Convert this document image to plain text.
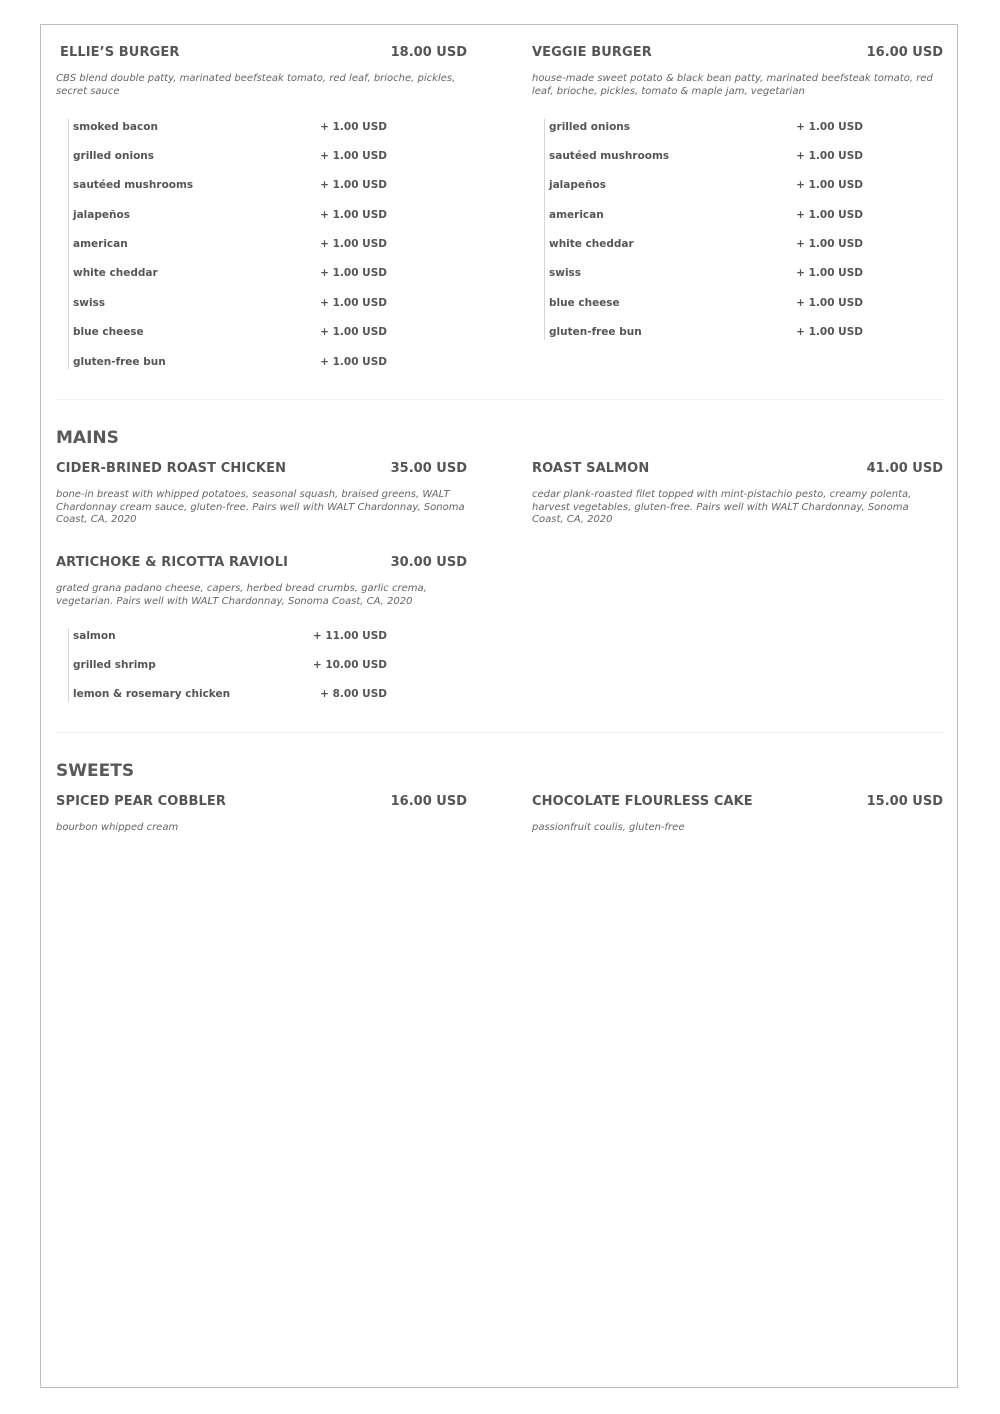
ELLIE’S BURGER	18.00 USD
CBS blend double patty, marinated beefsteak tomato, red leaf, brioche, pickles, secret sauce
smoked bacon	+ 1.00 USD
grilled onions	+ 1.00 USD
sautéed mushrooms	+ 1.00 USD
jalapeños	+ 1.00 USD
american	+ 1.00 USD
white cheddar	+ 1.00 USD
swiss	+ 1.00 USD
blue cheese	+ 1.00 USD
gluten-free bun	+ 1.00 USD
VEGGIE BURGER	16.00 USD
house-made sweet potato & black bean patty, marinated beefsteak tomato, red leaf, brioche, pickles, tomato & maple jam, vegetarian
grilled onions	+ 1.00 USD
sautéed mushrooms	+ 1.00 USD
jalapeños	+ 1.00 USD
american	+ 1.00 USD
white cheddar	+ 1.00 USD
swiss	+ 1.00 USD
blue cheese	+ 1.00 USD
gluten-free bun	+ 1.00 USD
MAINS
CIDER-BRINED ROAST CHICKEN	35.00 USD
bone-in breast with whipped potatoes, seasonal squash, braised greens, WALT Chardonnay cream sauce, gluten-free. Pairs well with WALT Chardonnay, Sonoma Coast, CA, 2020
ROAST SALMON	41.00 USD
cedar plank-roasted filet topped with mint-pistachio pesto, creamy polenta, harvest vegetables, gluten-free. Pairs well with WALT Chardonnay, Sonoma Coast, CA, 2020
ARTICHOKE & RICOTTA RAVIOLI	30.00 USD
grated grana padano cheese, capers, herbed bread crumbs, garlic crema, vegetarian. Pairs well with WALT Chardonnay, Sonoma Coast, CA, 2020
salmon	+ 11.00 USD
grilled shrimp	+ 10.00 USD
lemon & rosemary chicken	+ 8.00 USD
SWEETS
SPICED PEAR COBBLER	16.00 USD
bourbon whipped cream
CHOCOLATE FLOURLESS CAKE	15.00 USD
passionfruit coulis, gluten-free
